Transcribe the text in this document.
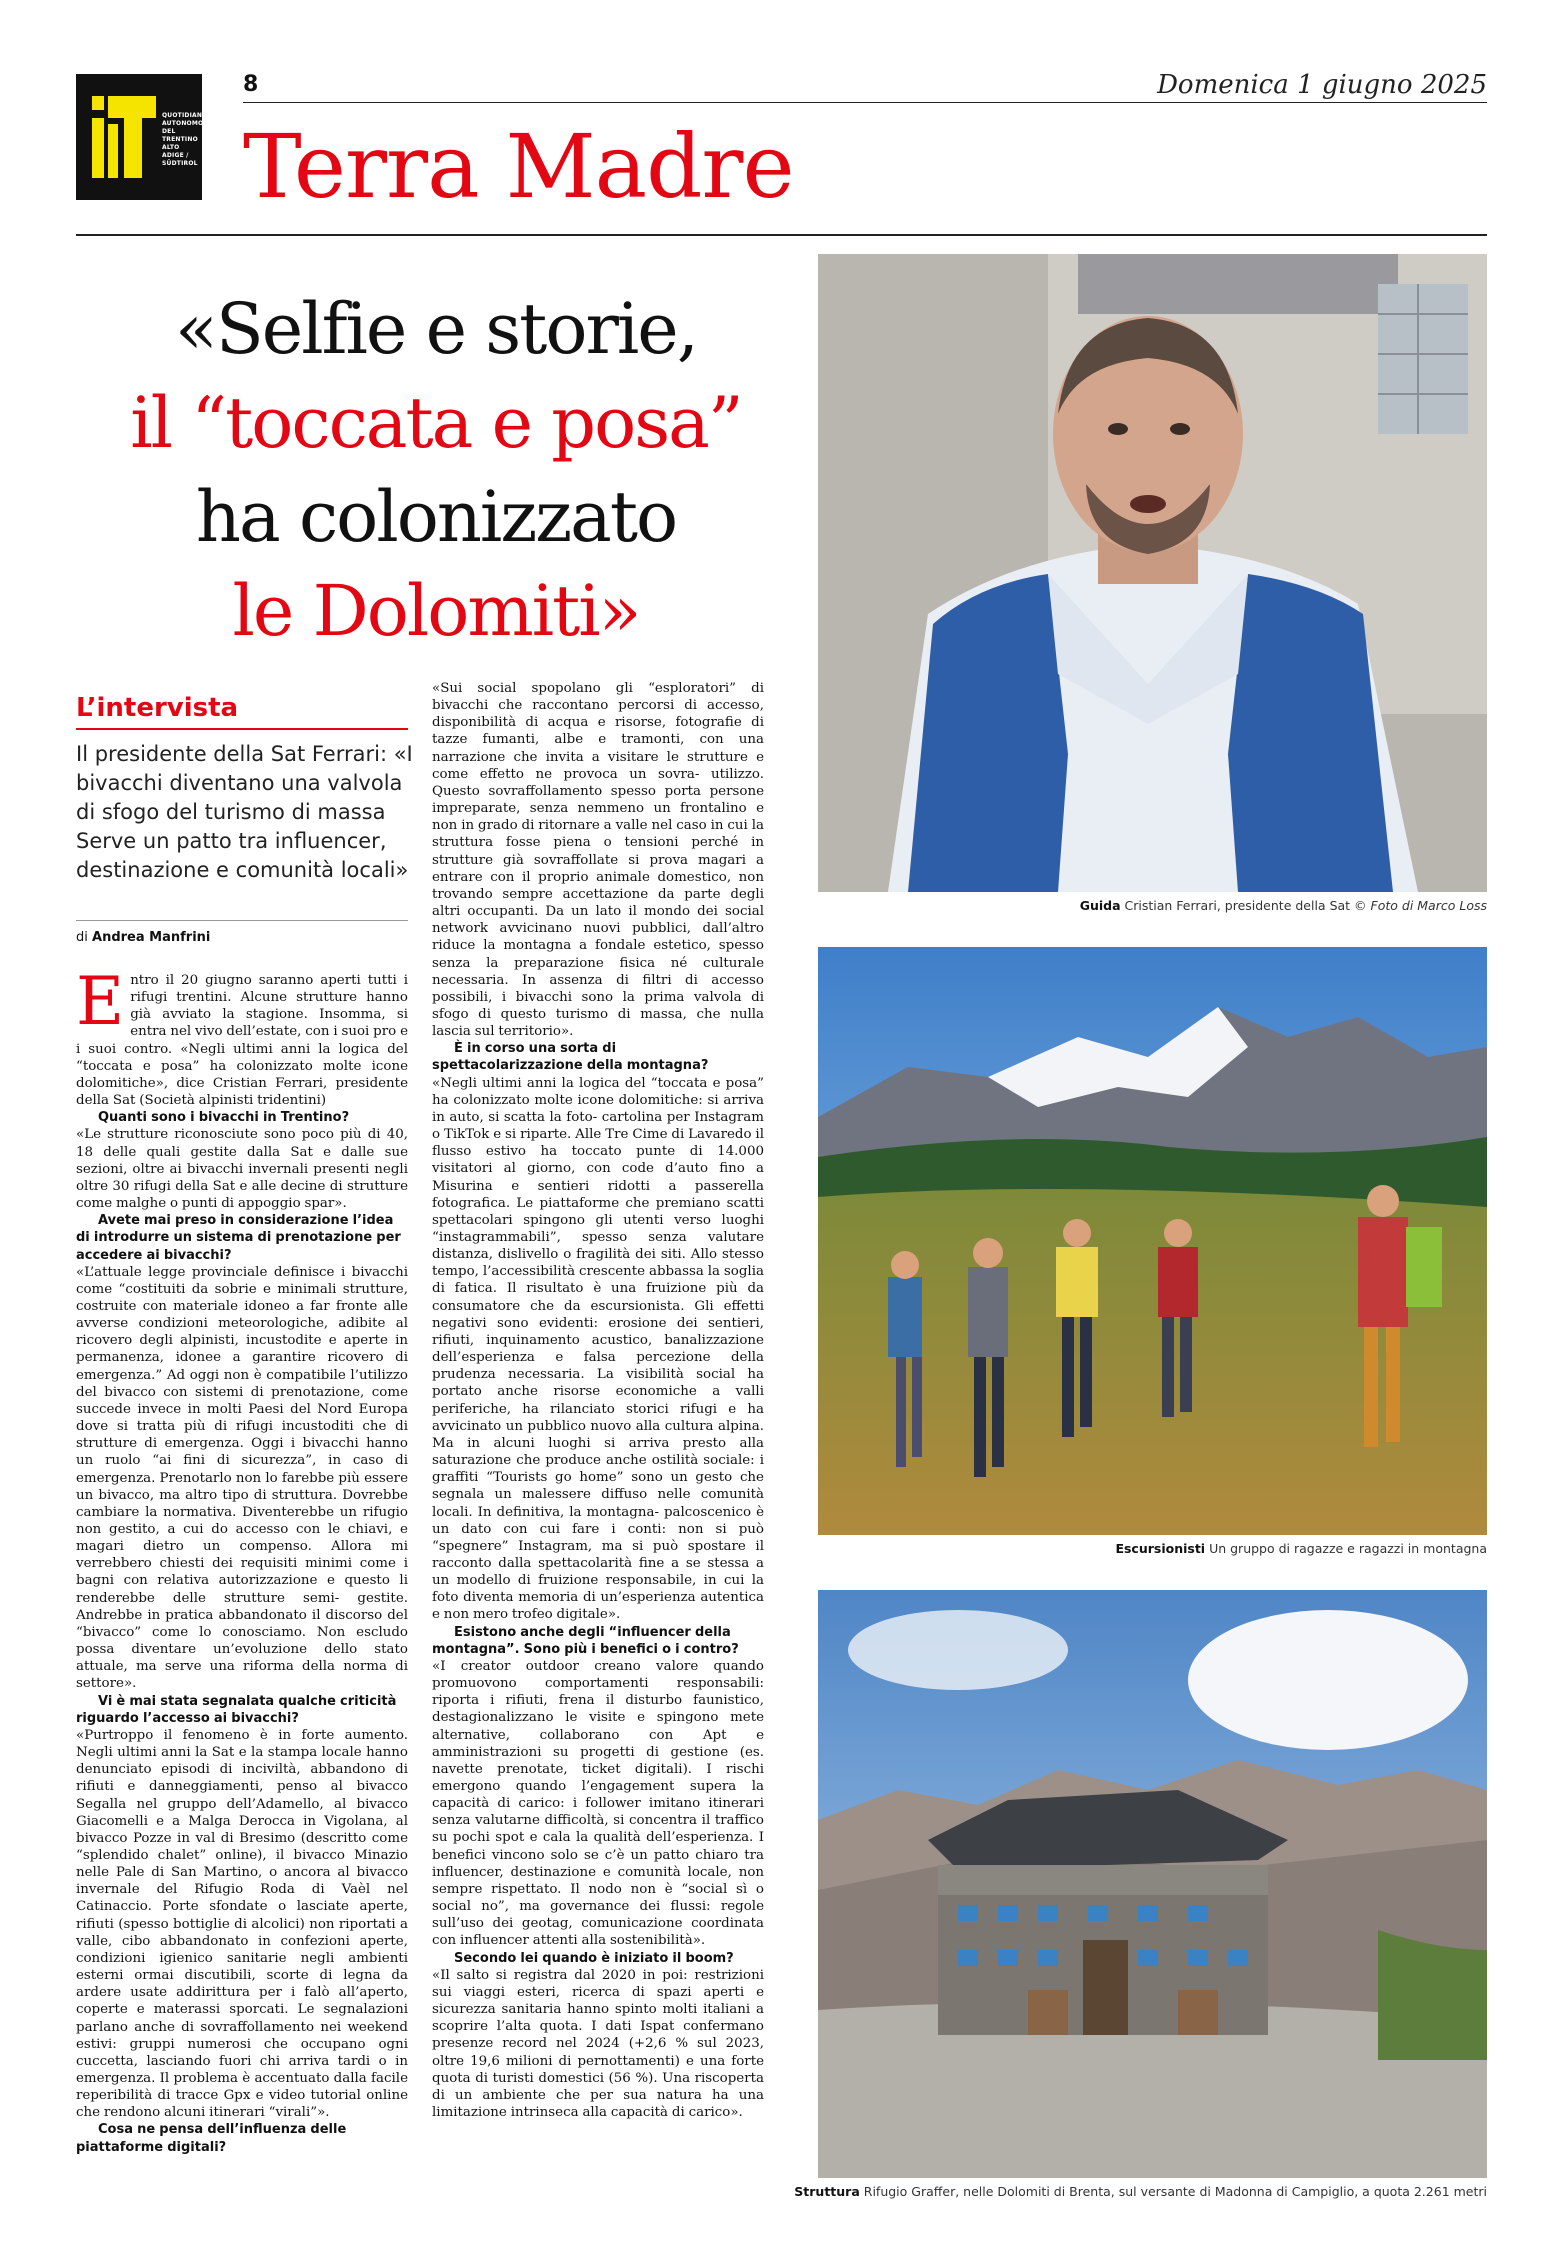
QUOTIDIANO AUTONOMO DEL TRENTINO ALTO ADIGE / SÜDTIROL
8	Domenica 1 giugno 2025
Terra Madre
«Selfie e storie,
il “toccata e posa”
ha colonizzato
le Dolomiti»
L’intervista
Il presidente della Sat Ferrari: «I bivacchi diventano una valvola di sfogo del turismo di massa Serve un patto tra influencer, destinazione e comunità locali»
di Andrea Manfrini
E ntro il 20 giugno saranno aperti tutti i rifugi trentini. Alcune strutture hanno già avviato la stagione. Insomma, si entra nel vivo dell’estate, con i suoi pro e i suoi contro. «Negli ultimi anni la logica del “toccata e posa” ha colonizzato molte icone dolomitiche», dice Cristian Ferrari, presidente della Sat (Società alpinisti tridentini)

Quanti sono i bivacchi in Trentino?

«Le strutture riconosciute sono poco più di 40, 18 delle quali gestite dalla Sat e dalle sue sezioni, oltre ai bivacchi invernali presenti negli oltre 30 rifugi della Sat e alle decine di strutture come malghe o punti di appoggio spar».

Avete mai preso in considerazione l’idea di introdurre un sistema di prenotazione per accedere ai bivacchi?

«L’attuale legge provinciale definisce i bivacchi come “costituiti da sobrie e minimali strutture, costruite con materiale idoneo a far fronte alle avverse condizioni meteorologiche, adibite al ricovero degli alpinisti, incustodite e aperte in permanenza, idonee a garantire ricovero di emergenza.” Ad oggi non è compatibile l’utilizzo del bivacco con sistemi di prenotazione, come succede invece in molti Paesi del Nord Europa dove si tratta più di rifugi incustoditi che di strutture di emergenza. Oggi i bivacchi hanno un ruolo “ai fini di sicurezza”, in caso di emergenza. Prenotarlo non lo farebbe più essere un bivacco, ma altro tipo di struttura. Dovrebbe cambiare la normativa. Diventerebbe un rifugio non gestito, a cui do accesso con le chiavi, e magari dietro un compenso. Allora mi verrebbero chiesti dei requisiti minimi come i bagni con relativa autorizzazione e questo li renderebbe delle strutture semi- gestite. Andrebbe in pratica abbandonato il discorso del “bivacco” come lo conosciamo. Non escludo possa diventare un’evoluzione dello stato attuale, ma serve una riforma della norma di settore».

Vi è mai stata segnalata qualche criticità riguardo l’accesso ai bivacchi?

«Purtroppo il fenomeno è in forte aumento. Negli ultimi anni la Sat e la stampa locale hanno denunciato episodi di inciviltà, abbandono di rifiuti e danneggiamenti, penso al bivacco Segalla nel gruppo dell’Adamello, al bivacco Giacomelli e a Malga Derocca in Vigolana, al bivacco Pozze in val di Bresimo (descritto come “splendido chalet” online), il bivacco Minazio nelle Pale di San Martino, o ancora al bivacco invernale del Rifugio Roda di Vaèl nel Catinaccio. Porte sfondate o lasciate aperte, rifiuti (spesso bottiglie di alcolici) non riportati a valle, cibo abbandonato in confezioni aperte, condizioni igienico sanitarie negli ambienti esterni ormai discutibili, scorte di legna da ardere usate addirittura per i falò all’aperto, coperte e materassi sporcati. Le segnalazioni parlano anche di sovraffollamento nei weekend estivi: gruppi numerosi che occupano ogni cuccetta, lasciando fuori chi arriva tardi o in emergenza. Il problema è accentuato dalla facile reperibilità di tracce Gpx e video tutorial online che rendono alcuni itinerari “virali”».

Cosa ne pensa dell’influenza delle piattaforme digitali?

«Sui social spopolano gli “esploratori” di bivacchi che raccontano percorsi di accesso, disponibilità di acqua e risorse, fotografie di tazze fumanti, albe e tramonti, con una narrazione che invita a visitare le strutture e come effetto ne provoca un sovra- utilizzo. Questo sovraffollamento spesso porta persone impreparate, senza nemmeno un frontalino e non in grado di ritornare a valle nel caso in cui la struttura fosse piena o tensioni perché in strutture già sovraffollate si prova magari a entrare con il proprio animale domestico, non trovando sempre accettazione da parte degli altri occupanti. Da un lato il mondo dei social network avvicinano nuovi pubblici, dall’altro riduce la montagna a fondale estetico, spesso senza la preparazione fisica né culturale necessaria. In assenza di filtri di accesso possibili, i bivacchi sono la prima valvola di sfogo di questo turismo di massa, che nulla lascia sul territorio».

È in corso una sorta di spettacolarizzazione della montagna?

«Negli ultimi anni la logica del “toccata e posa” ha colonizzato molte icone dolomitiche: si arriva in auto, si scatta la foto- cartolina per Instagram o TikTok e si riparte. Alle Tre Cime di Lavaredo il flusso estivo ha toccato punte di 14.000 visitatori al giorno, con code d’auto fino a Misurina e sentieri ridotti a passerella fotografica. Le piattaforme che premiano scatti spettacolari spingono gli utenti verso luoghi “instagrammabili”, spesso senza valutare distanza, dislivello o fragilità dei siti. Allo stesso tempo, l’accessibilità crescente abbassa la soglia di fatica. Il risultato è una fruizione più da consumatore che da escursionista. Gli effetti negativi sono evidenti: erosione dei sentieri, rifiuti, inquinamento acustico, banalizzazione dell’esperienza e falsa percezione della prudenza necessaria. La visibilità social ha portato anche risorse economiche a valli periferiche, ha rilanciato storici rifugi e ha avvicinato un pubblico nuovo alla cultura alpina. Ma in alcuni luoghi si arriva presto alla saturazione che produce anche ostilità sociale: i graffiti “Tourists go home” sono un gesto che segnala un malessere diffuso nelle comunità locali. In definitiva, la montagna- palcoscenico è un dato con cui fare i conti: non si può “spegnere” Instagram, ma si può spostare il racconto dalla spettacolarità fine a se stessa a un modello di fruizione responsabile, in cui la foto diventa memoria di un’esperienza autentica e non mero trofeo digitale».

Esistono anche degli “influencer della montagna”. Sono più i benefici o i contro?

«I creator outdoor creano valore quando promuovono comportamenti responsabili: riporta i rifiuti, frena il disturbo faunistico, destagionalizzano le visite e spingono mete alternative, collaborano con Apt e amministrazioni su progetti di gestione (es. navette prenotate, ticket digitali). I rischi emergono quando l’engagement supera la capacità di carico: i follower imitano itinerari senza valutarne difficoltà, si concentra il traffico su pochi spot e cala la qualità dell’esperienza. I benefici vincono solo se c’è un patto chiaro tra influencer, destinazione e comunità locale, non sempre rispettato. Il nodo non è “social sì o social no”, ma governance dei flussi: regole sull’uso dei geotag, comunicazione coordinata con influencer attenti alla sostenibilità».

Secondo lei quando è iniziato il boom?

«Il salto si registra dal 2020 in poi: restrizioni sui viaggi esteri, ricerca di spazi aperti e sicurezza sanitaria hanno spinto molti italiani a scoprire l’alta quota. I dati Ispat confermano presenze record nel 2024 (+2,6 % sul 2023, oltre 19,6 milioni di pernottamenti) e una forte quota di turisti domestici (56 %). Una riscoperta di un ambiente che per sua natura ha una limitazione intrinseca alla capacità di carico».

Guida Cristian Ferrari, presidente della Sat © Foto di Marco Loss
Escursionisti Un gruppo di ragazze e ragazzi in montagna
Struttura Rifugio Graffer, nelle Dolomiti di Brenta, sul versante di Madonna di Campiglio, a quota 2.261 metri
